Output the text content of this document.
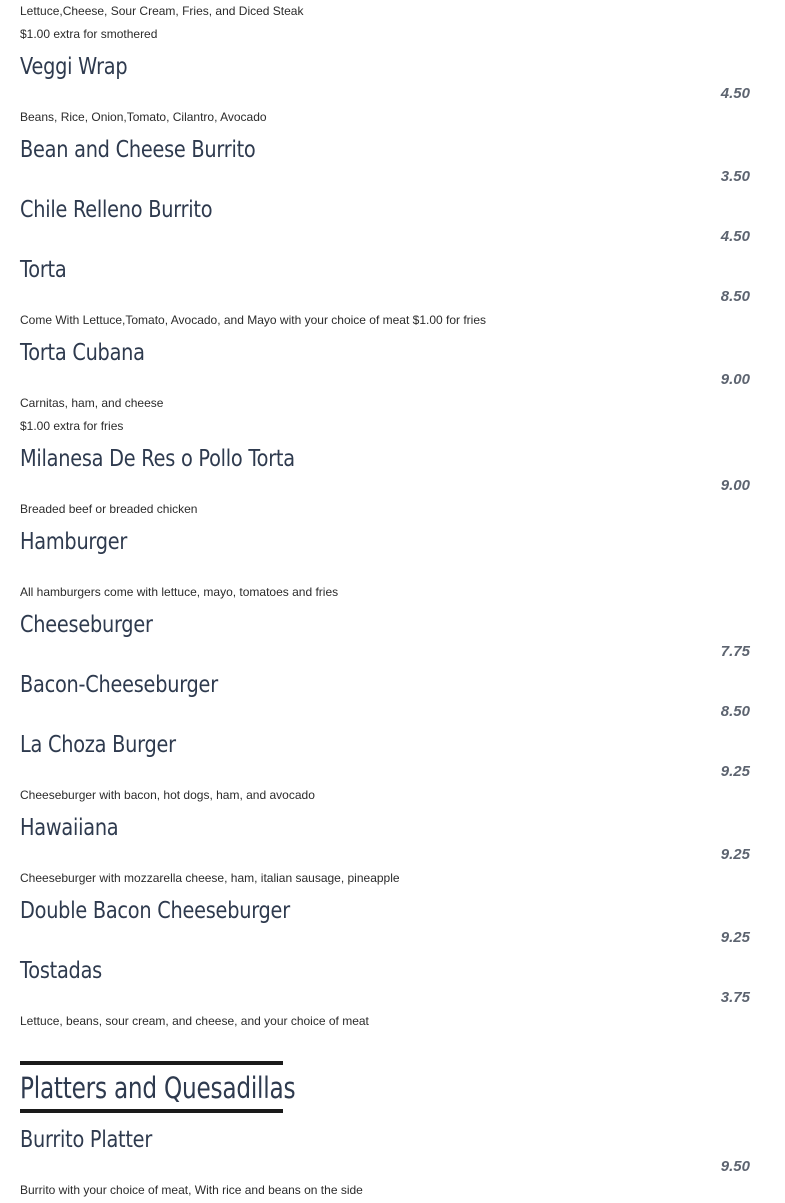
Lettuce,Cheese, Sour Cream, Fries, and Diced Steak
$1.00 extra for smothered
Veggi Wrap
4.50
Beans, Rice, Onion,Tomato, Cilantro, Avocado
Bean and Cheese Burrito
3.50
Chile Relleno Burrito
4.50
Torta
8.50
Come With Lettuce,Tomato, Avocado, and Mayo with your choice of meat $1.00 for fries
Torta Cubana
9.00
Carnitas, ham, and cheese
$1.00 extra for fries
Milanesa De Res o Pollo Torta
9.00
Breaded beef or breaded chicken
Hamburger
All hamburgers come with lettuce, mayo, tomatoes and fries
Cheeseburger
7.75
Bacon-Cheeseburger
8.50
La Choza Burger
9.25
Cheeseburger with bacon, hot dogs, ham, and avocado
Hawaiiana
9.25
Cheeseburger with mozzarella cheese, ham, italian sausage, pineapple
Double Bacon Cheeseburger
9.25
Tostadas
3.75
Lettuce, beans, sour cream, and cheese, and your choice of meat
Platters and Quesadillas
Burrito Platter
9.50
Burrito with your choice of meat, With rice and beans on the side
